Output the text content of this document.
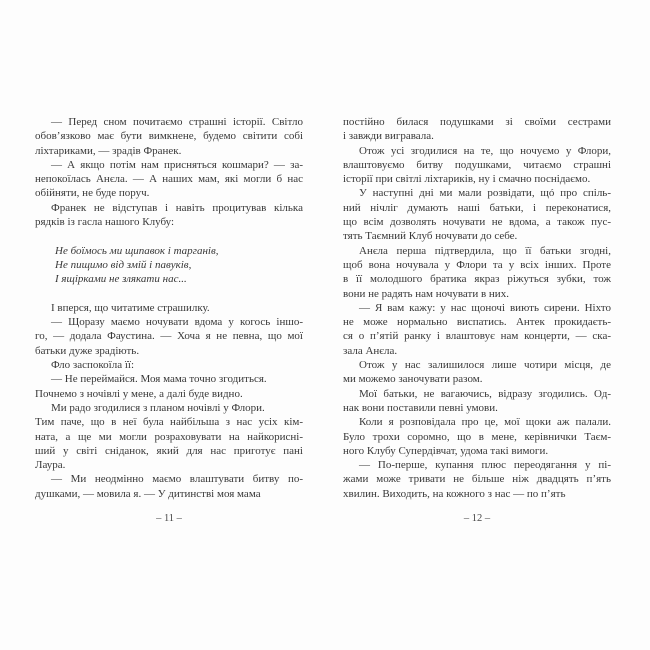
— Перед сном почитаємо страшні історії. Світло
обов’язково має бути вимкнене, будемо світити собі
ліхтариками, — зрадів Франек.
— А якщо потім нам присняться кошмари? — за-
непокоїлась Анєла. — А наших мам, які могли б нас
обійняти, не буде поруч.
Франек не відступав і навіть процитував кілька
рядків із гасла нашого Клубу:
Не боїмось ми щипавок і тарганів,
Не пищимо від змій і павуків,
І ящірками не злякати нас...
І вперся, що читатиме страшилку.
— Щоразу маємо ночувати вдома у когось іншо-
го, — додала Фаустина. — Хоча я не певна, що мої
батьки дуже зрадіють.
Фло заспокоїла її:
— Не переймайся. Моя мама точно згодиться.
Почнемо з ночівлі у мене, а далі буде видно.
Ми радо згодилися з планом ночівлі у Флори.
Тим паче, що в неї була найбільша з нас усіх кім-
ната, а ще ми могли розраховувати на найкорисні-
ший у світі сніданок, який для нас приготує пані
Лаура.
— Ми неодмінно маємо влаштувати битву по-
душками, — мовила я. — У дитинстві моя мама
– 11 –
постійно билася подушками зі своїми сестрами
і завжди вигравала.
Отож усі згодилися на те, що ночуємо у Флори,
влаштовуємо битву подушками, читаємо страшні
історії при світлі ліхтариків, ну і смачно поснідаємо.
У наступні дні ми мали розвідати, щó про спіль-
ний нічліг думають наші батьки, і переконатися,
що всім дозволять ночувати не вдома, а також пус-
тять Таємний Клуб ночувати до себе.
Анєла перша підтвердила, що її батьки згодні,
щоб вона ночувала у Флори та у всіх інших. Проте
в її молодшого братика якраз ріжуться зубки, тож
вони не радять нам ночувати в них.
— Я вам кажу: у нас щоночі виють сирени. Ніхто
не може нормально виспатись. Антек прокидаєть-
ся о п’ятій ранку і влаштовує нам концерти, — ска-
зала Анєла.
Отож у нас залишилося лише чотири місця, де
ми можемо заночувати разом.
Мої батьки, не вагаючись, відразу згодились. Од-
нак вони поставили певні умови.
Коли я розповідала про це, мої щоки аж палали.
Було трохи соромно, що в мене, керівнички Таєм-
ного Клубу Супердівчат, удома такі вимоги.
— По-перше, купання плюс переодягання у пі-
жами може тривати не більше ніж двадцять п’ять
хвилин. Виходить, на кожного з нас — по п’ять
– 12 –
